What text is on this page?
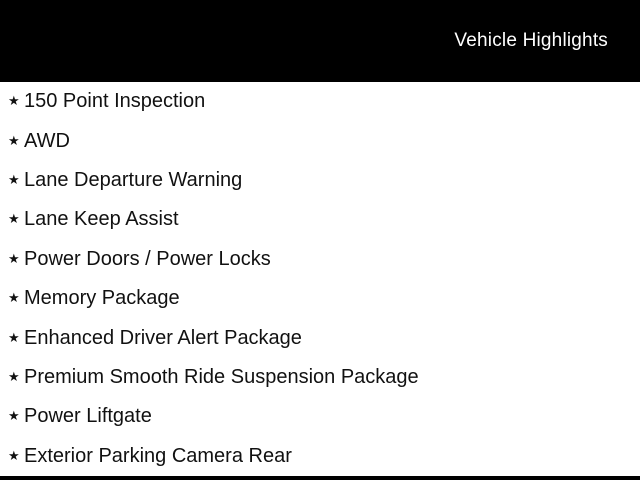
Vehicle Highlights
★ 150 Point Inspection
★ AWD
★ Lane Departure Warning
★ Lane Keep Assist
★ Power Doors / Power Locks
★ Memory Package
★ Enhanced Driver Alert Package
★ Premium Smooth Ride Suspension Package
★ Power Liftgate
★ Exterior Parking Camera Rear
